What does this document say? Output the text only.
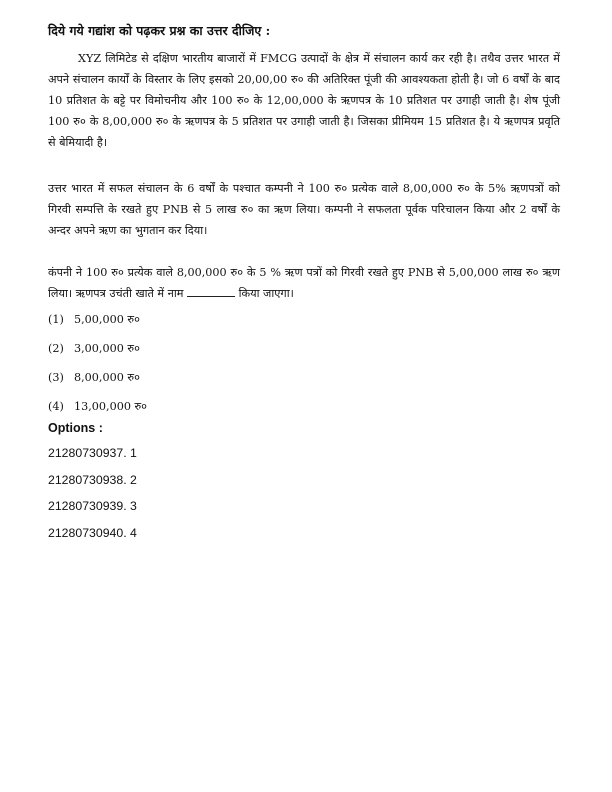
दिये गये गद्यांश को पढ़कर प्रश्न का उत्तर दीजिए :
XYZ लिमिटेड से दक्षिण भारतीय बाजारों में FMCG उत्पादों के क्षेत्र में संचालन कार्य कर रही है। तथैव उत्तर भारत में अपने संचालन कार्यों के विस्तार के लिए इसको 20,00,00 रु० की अतिरिक्त पूंजी की आवश्यकता होती है। जो 6 वर्षों के बाद 10 प्रतिशत के बट्टे पर विमोचनीय और 100 रु० के 12,00,000 के ऋणपत्र के 10 प्रतिशत पर उगाही जाती है। शेष पूंजी 100 रु० के 8,00,000 रु० के ऋणपत्र के 5 प्रतिशत पर उगाही जाती है। जिसका प्रीमियम 15 प्रतिशत है। ये ऋणपत्र प्रवृति से बेमियादी है।
उत्तर भारत में सफल संचालन के 6 वर्षों के पश्चात कम्पनी ने 100 रु० प्रत्येक वाले 8,00,000 रु० के 5% ऋणपत्रों को गिरवी सम्पत्ति के रखते हुए PNB से 5 लाख रु० का ऋण लिया। कम्पनी ने सफलता पूर्वक परिचालन किया और 2 वर्षों के अन्दर अपने ऋण का भुगतान कर दिया।
कंपनी ने 100 रु० प्रत्येक वाले 8,00,000 रु० के 5 % ऋण पत्रों को गिरवी रखते हुए PNB से 5,00,000 लाख रु० ऋण लिया। ऋणपत्र उचंती खाते में नाम	किया जाएगा।
(1) 5,00,000 रु०
(2) 3,00,000 रु०
(3) 8,00,000 रु०
(4) 13,00,000 रु०
Options :
21280730937. 1
21280730938. 2
21280730939. 3
21280730940. 4
